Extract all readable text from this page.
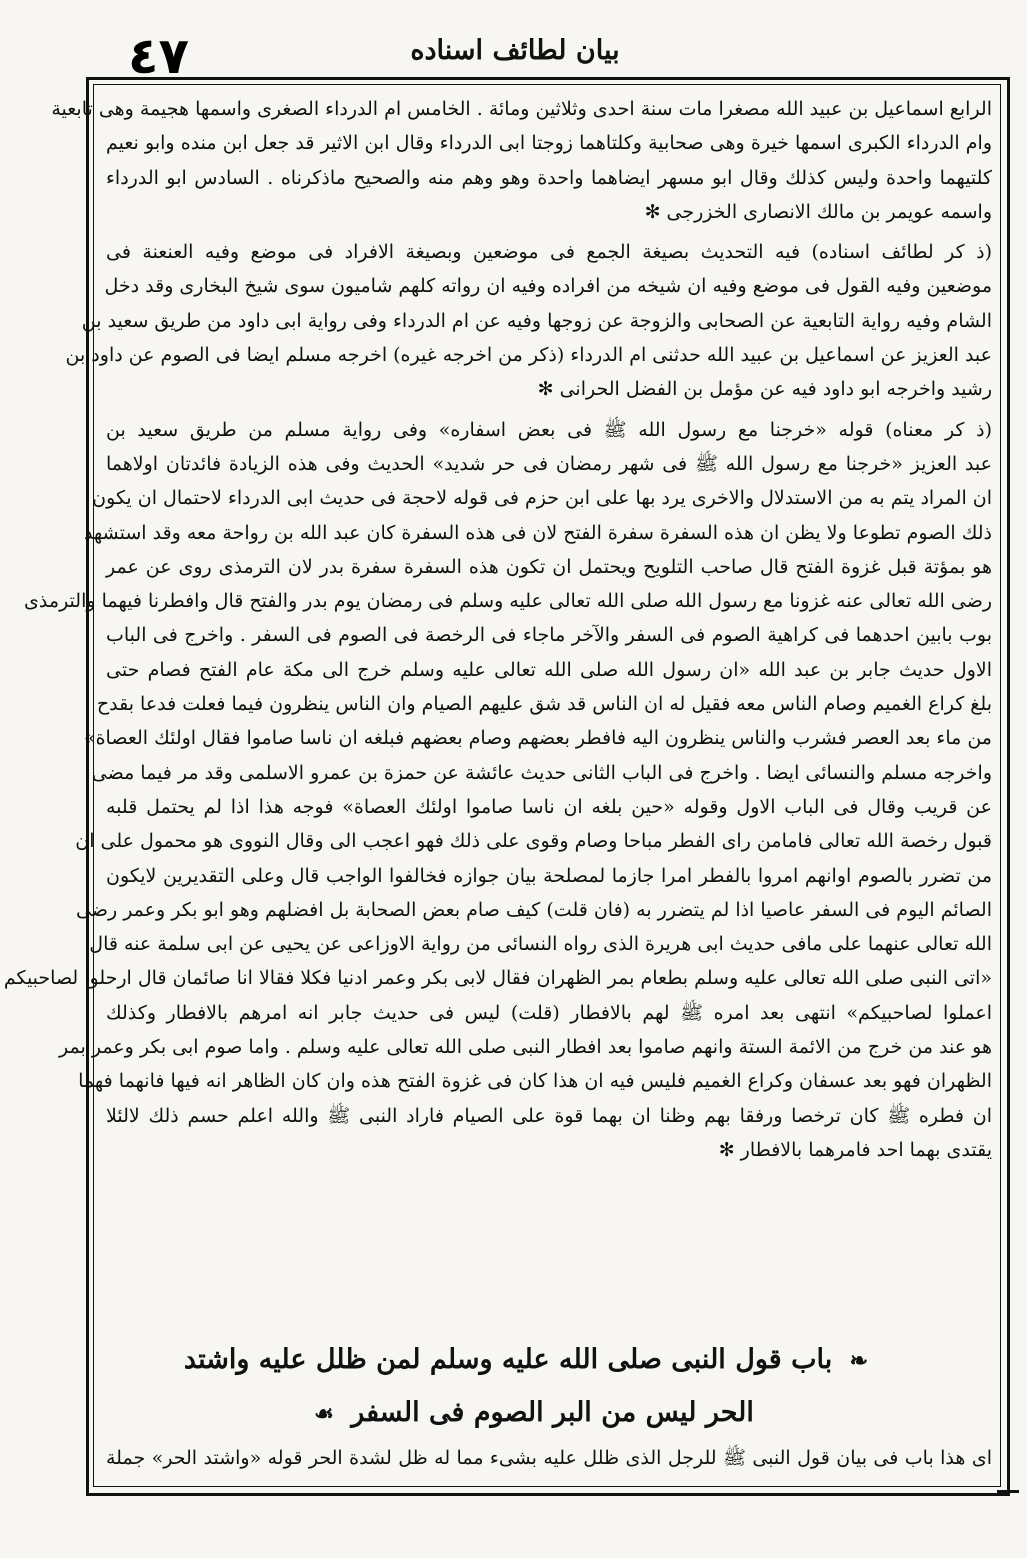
٤٧	بيان لطائف اسناده
الرابع اسماعيل بن عبيد الله مصغرا مات سنة احدى وثلاثين ومائة . الخامس ام الدرداء الصغرى واسمها هجيمة وهى تابعية
وام الدرداء الكبرى اسمها خيرة وهى صحابية وكلتاهما زوجتا ابى الدرداء وقال ابن الاثير قد جعل ابن منده وابو نعيم
كلتيهما واحدة وليس كذلك وقال ابو مسهر ايضاهما واحدة وهو وهم منه والصحيح ماذكرناه . السادس ابو الدرداء
واسمه عويمر بن مالك الانصارى الخزرجى ✻
(ذ كر لطائف اسناده) فيه التحديث بصيغة الجمع فى موضعين وبصيغة الافراد فى موضع وفيه العنعنة فى
موضعين وفيه القول فى موضع وفيه ان شيخه من افراده وفيه ان رواته كلهم شاميون سوى شيخ البخارى وقد دخل
الشام وفيه رواية التابعية عن الصحابى والزوجة عن زوجها وفيه عن ام الدرداء وفى رواية ابى داود من طريق سعيد بن
عبد العزيز عن اسماعيل بن عبيد الله حدثنى ام الدرداء (ذكر من اخرجه غيره) اخرجه مسلم ايضا فى الصوم عن داود بن
رشيد واخرجه ابو داود فيه عن مؤمل بن الفضل الحرانى ✻
(ذ كر معناه) قوله «خرجنا مع رسول الله ﷺ فى بعض اسفاره» وفى رواية مسلم من طريق سعيد بن
عبد العزيز «خرجنا مع رسول الله ﷺ فى شهر رمضان فى حر شديد» الحديث وفى هذه الزيادة فائدتان اولاهما
ان المراد يتم به من الاستدلال والاخرى يرد بها على ابن حزم فى قوله لاحجة فى حديث ابى الدرداء لاحتمال ان يكون
ذلك الصوم تطوعا ولا يظن ان هذه السفرة سفرة الفتح لان فى هذه السفرة كان عبد الله بن رواحة معه وقد استشهد
هو بمؤتة قبل غزوة الفتح قال صاحب التلويح ويحتمل ان تكون هذه السفرة سفرة بدر لان الترمذى روى عن عمر
رضى الله تعالى عنه غزونا مع رسول الله صلى الله تعالى عليه وسلم فى رمضان يوم بدر والفتح قال وافطرنا فيهما والترمذى
بوب بابين احدهما فى كراهية الصوم فى السفر والآخر ماجاء فى الرخصة فى الصوم فى السفر . واخرج فى الباب
الاول حديث جابر بن عبد الله «ان رسول الله صلى الله تعالى عليه وسلم خرج الى مكة عام الفتح فصام حتى
بلغ كراع الغميم وصام الناس معه فقيل له ان الناس قد شق عليهم الصيام وان الناس ينظرون فيما فعلت فدعا بقدح
من ماء بعد العصر فشرب والناس ينظرون اليه فافطر بعضهم وصام بعضهم فبلغه ان ناسا صاموا فقال اولئك العصاة»
واخرجه مسلم والنسائى ايضا . واخرج فى الباب الثانى حديث عائشة عن حمزة بن عمرو الاسلمى وقد مر فيما مضى
عن قريب وقال فى الباب الاول وقوله «حين بلغه ان ناسا صاموا اولئك العصاة» فوجه هذا اذا لم يحتمل قلبه
قبول رخصة الله تعالى فامامن راى الفطر مباحا وصام وقوى على ذلك فهو اعجب الى وقال النووى هو محمول على ان
من تضرر بالصوم اوانهم امروا بالفطر امرا جازما لمصلحة بيان جوازه فخالفوا الواجب قال وعلى التقديرين لايكون
الصائم اليوم فى السفر عاصيا اذا لم يتضرر به (فان قلت) كيف صام بعض الصحابة بل افضلهم وهو ابو بكر وعمر رضى
الله تعالى عنهما على مافى حديث ابى هريرة الذى رواه النسائى من رواية الاوزاعى عن يحيى عن ابى سلمة عنه قال
«اتى النبى صلى الله تعالى عليه وسلم بطعام بمر الظهران فقال لابى بكر وعمر ادنيا فكلا فقالا انا صائمان قال ارحلوا لصاحبيكم
اعملوا لصاحبيكم» انتهى بعد امره ﷺ لهم بالافطار (قلت) ليس فى حديث جابر انه امرهم بالافطار وكذلك
هو عند من خرج من الائمة الستة وانهم صاموا بعد افطار النبى صلى الله تعالى عليه وسلم . واما صوم ابى بكر وعمر بمر
الظهران فهو بعد عسفان وكراع الغميم فليس فيه ان هذا كان فى غزوة الفتح هذه وان كان الظاهر انه فيها فانهما فهما
ان فطره ﷺ كان ترخصا ورفقا بهم وظنا ان بهما قوة على الصيام فاراد النبى ﷺ والله اعلم حسم ذلك لالئلا
يقتدى بهما احد فامرهما بالافطار ✻
❧ باب قول النبى صلى الله عليه وسلم لمن ظلل عليه واشتد
الحر ليس من البر الصوم فى السفر ☙
اى هذا باب فى بيان قول النبى ﷺ للرجل الذى ظلل عليه بشىء مما له ظل لشدة الحر قوله «واشتد الحر» جملة
